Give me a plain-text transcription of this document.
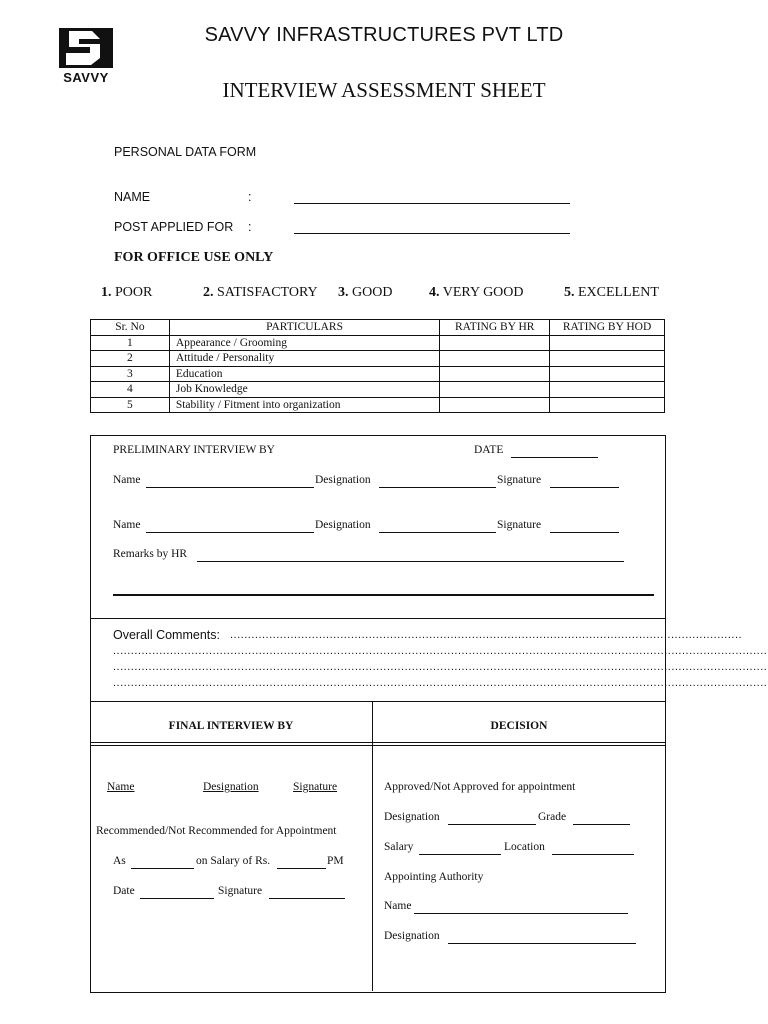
SAVVY
SAVVY INFRASTRUCTURES PVT LTD
INTERVIEW ASSESSMENT SHEET
PERSONAL DATA FORM
NAME	:
POST APPLIED FOR :
FOR OFFICE USE ONLY
1. POOR	2. SATISFACTORY 3. GOOD	4. VERY GOOD	5. EXCELLENT
Sr. No	PARTICULARS	RATING BY HR	RATING BY HOD
1	Appearance / Grooming		
2	Attitude / Personality		
3	Education		
4	Job Knowledge		
5	Stability / Fitment into organization		
PRELIMINARY INTERVIEW BY	DATE
Name	Designation	Signature
Name	Designation	Signature
Remarks by HR
Overall Comments: ................................................................................................................................................
........................................................................................................................................................................................
........................................................................................................................................................................................
........................................................................................................................................................................................
FINAL INTERVIEW BY	DECISION
Name	Designation	Signature
Recommended/Not Recommended for Appointment
As	on Salary of Rs.	PM
Date	Signature
Approved/Not Approved for appointment
Designation	Grade
Salary	Location
Appointing Authority
Name
Designation
